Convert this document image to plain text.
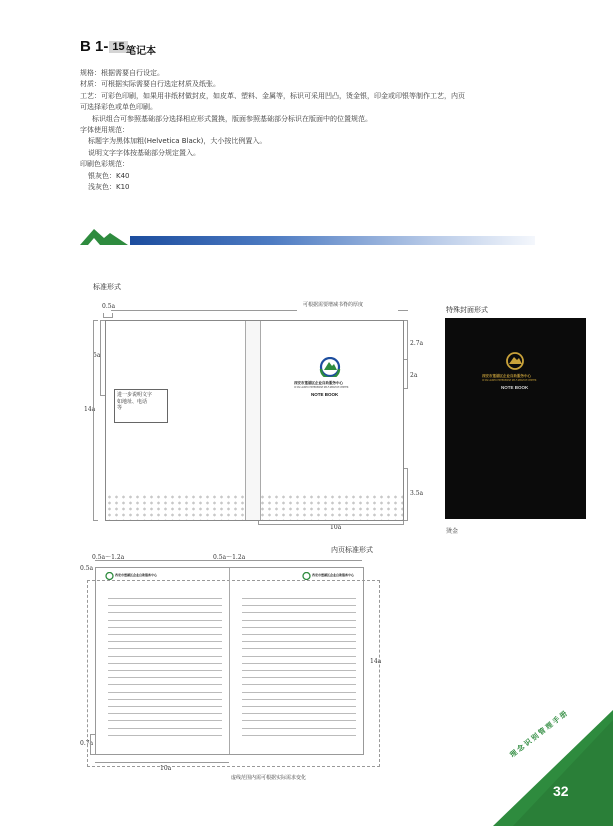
B 1- 15 笔记本
规格：根据需要自行设定。
材质：可根据实际需要自行选定材质及纸张。
工艺：可彩色印刷，如果用非纸材做封皮，如皮革、塑料、金属等，标识可采用凹凸，烫金银，印金或印银等制作工艺，内页
可选择彩色或单色印刷。
标识组合可参照基础部分选择相应形式置换，版面参照基础部分标识在版面中的位置规范。
字体使用规范：
标题字为黑体加粗(Helvetica Black)，大小按比例置入。
说明文字字体按基础部分规定置入。
印刷色彩规范：
银灰色：K40
浅灰色：K10
标准形式
特殊封面形式
0.5a	可根据需要增减书脊的厚度
5a
14a
2.7a
2a
3.5a
10a
进一步说明文字
如地址、电话
等
西安市莲湖区企业自助服务中心
XI'AN LIANHU ENTERPRISE SELF-SERVICE CENTER
NOTE BOOK
西安市莲湖区企业自助服务中心
XI'AN LIANHU ENTERPRISE SELF-SERVICE CENTER
NOTE BOOK
烫金
内页标准形式
0.5a～1.2a	0.5a～1.2a
0.5a
14a
0.7a
10a
西安市莲湖区企业自助服务中心	西安市莲湖区企业自助服务中心
虚线范围内需可根据实际需求变化
32
理念识别管理手册
